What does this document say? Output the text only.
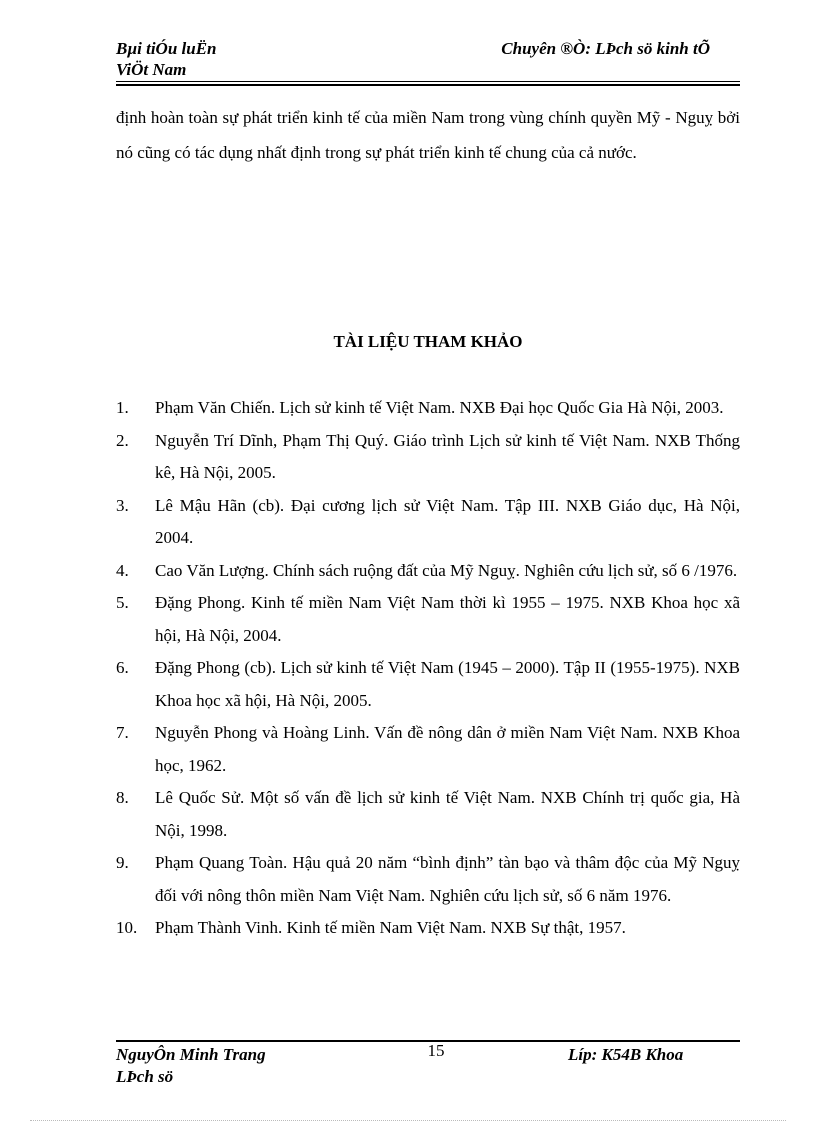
Bµi tiÓu luËn
ViÖt Nam
Chuyên ®Ò: LÞch sö kinh tÕ

định hoàn toàn sự phát triển kinh tế của miền Nam trong vùng chính quyền Mỹ - Nguỵ bởi nó cũng có tác dụng nhất định trong sự phát triển kinh tế chung của cả nước.

TÀI LIỆU THAM KHẢO
1. Phạm Văn Chiến. Lịch sử kinh tế Việt Nam. NXB Đại học Quốc Gia Hà Nội, 2003.
2. Nguyễn Trí Dĩnh, Phạm Thị Quý. Giáo trình Lịch sử kinh tế Việt Nam. NXB Thống kê, Hà Nội, 2005.
3. Lê Mậu Hãn (cb). Đại cương lịch sử Việt Nam. Tập III. NXB Giáo dục, Hà Nội, 2004.
4. Cao Văn Lượng. Chính sách ruộng đất của Mỹ Nguỵ. Nghiên cứu lịch sử, số 6 /1976.
5. Đặng Phong. Kinh tế miền Nam Việt Nam thời kì 1955 – 1975. NXB Khoa học xã hội, Hà Nội, 2004.
6. Đặng Phong (cb). Lịch sử kinh tế Việt Nam (1945 – 2000). Tập II (1955-1975). NXB Khoa học xã hội, Hà Nội, 2005.
7. Nguyễn Phong và Hoàng Linh. Vấn đề nông dân ở miền Nam Việt Nam. NXB Khoa học, 1962.
8. Lê Quốc Sử. Một số vấn đề lịch sử kinh tế Việt Nam. NXB Chính trị quốc gia, Hà Nội, 1998.
9. Phạm Quang Toàn. Hậu quả 20 năm “bình định” tàn bạo và thâm độc của Mỹ Nguỵ đối với nông thôn miền Nam Việt Nam. Nghiên cứu lịch sử, số 6 năm 1976.
10. Phạm Thành Vinh. Kinh tế miền Nam Việt Nam. NXB Sự thật, 1957.
NguyÔn Minh Trang
LÞch sö
15	Líp: K54B Khoa
